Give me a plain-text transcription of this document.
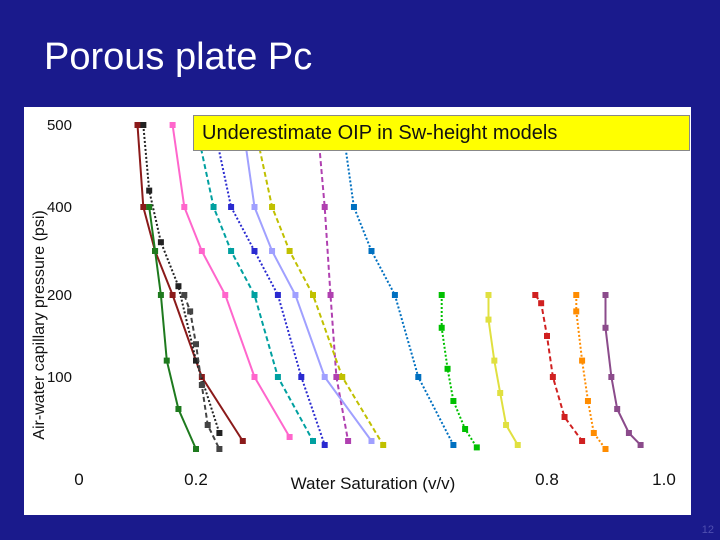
Porous plate Pc
500
400
200
100
0	0.2	0.8	1.0
Water Saturation (v/v)
Air-water capillary pressure (psi)
Underestimate OIP in Sw-height models
12
